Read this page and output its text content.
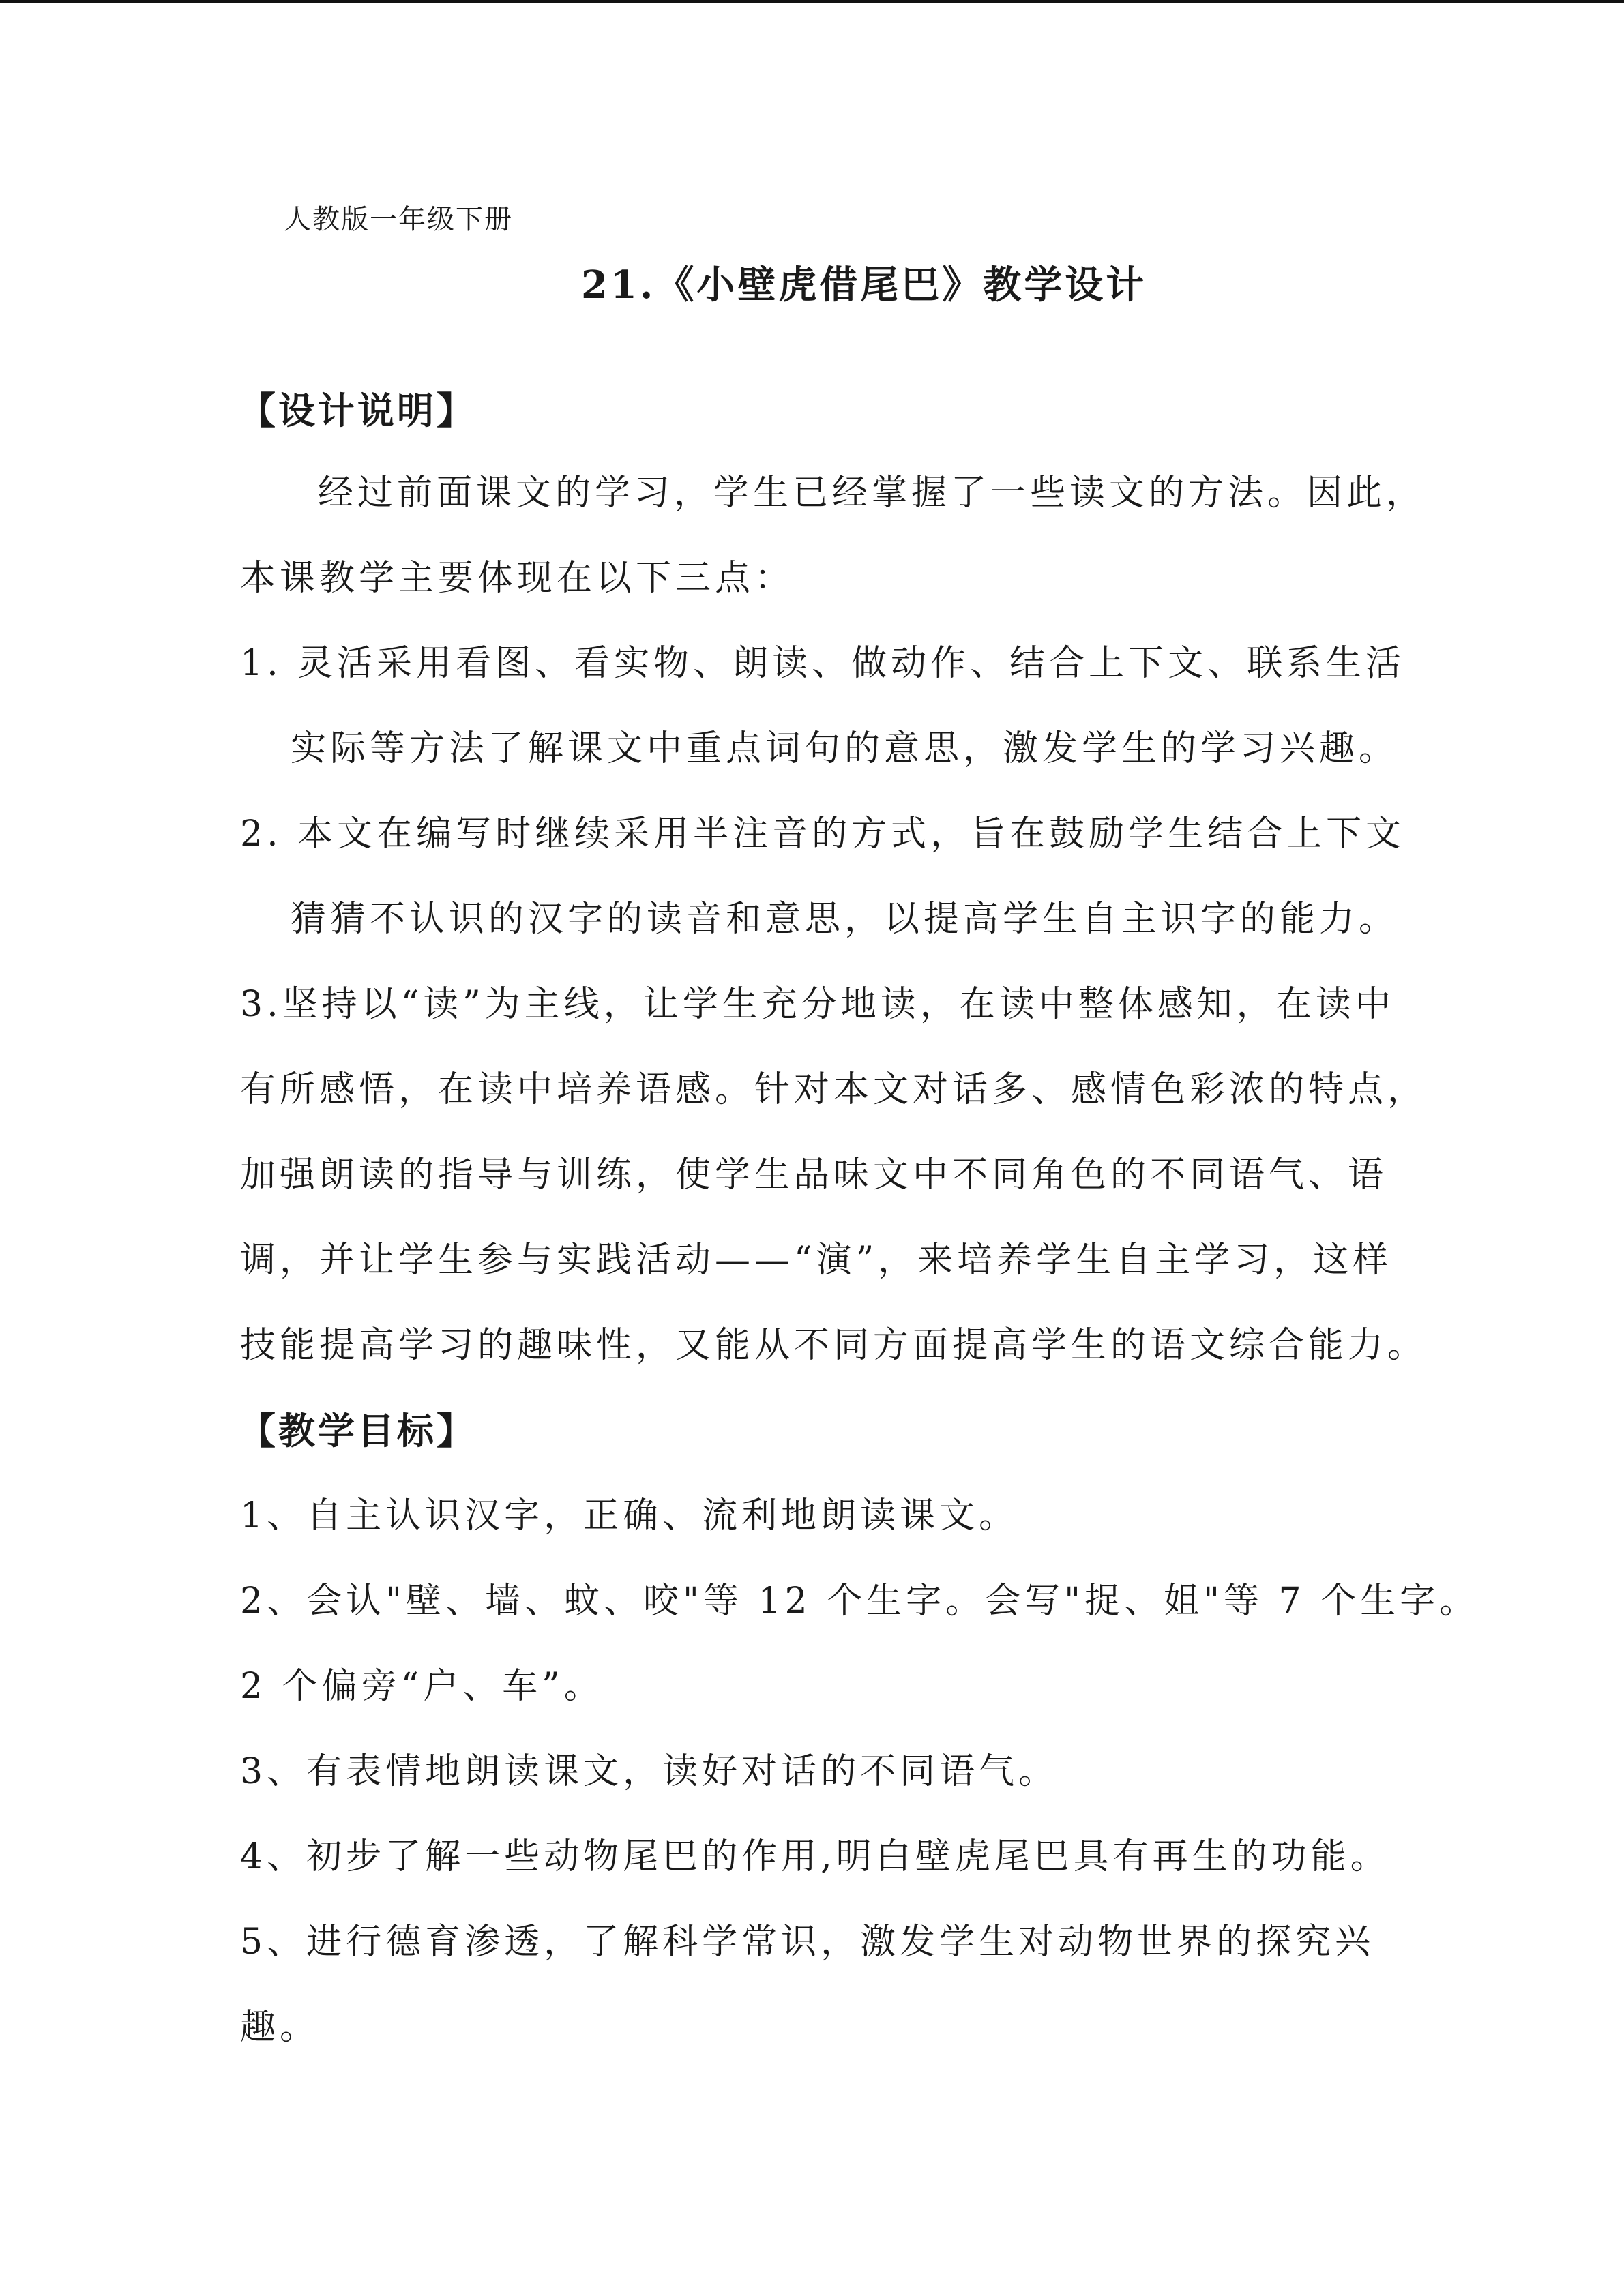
人教版一年级下册
21.《小壁虎借尾巴》教学设计
【设计说明】
经过前面课文的学习，学生已经掌握了一些读文的方法。因此，
本课教学主要体现在以下三点：
1. 灵活采用看图、看实物、朗读、做动作、结合上下文、联系生活
实际等方法了解课文中重点词句的意思，激发学生的学习兴趣。
2. 本文在编写时继续采用半注音的方式，旨在鼓励学生结合上下文
猜猜不认识的汉字的读音和意思，以提高学生自主识字的能力。
3.坚持以“读”为主线，让学生充分地读，在读中整体感知，在读中
有所感悟，在读中培养语感。针对本文对话多、感情色彩浓的特点，
加强朗读的指导与训练，使学生品味文中不同角色的不同语气、语
调，并让学生参与实践活动——“演”，来培养学生自主学习，这样
技能提高学习的趣味性，又能从不同方面提高学生的语文综合能力。
【教学目标】
1、自主认识汉字，正确、流利地朗读课文。
2、会认"壁、墙、蚊、咬"等 12 个生字。会写"捉、姐"等 7 个生字。
2 个偏旁“户、车”。
3、有表情地朗读课文，读好对话的不同语气。
4、初步了解一些动物尾巴的作用,明白壁虎尾巴具有再生的功能。
5、进行德育渗透，了解科学常识，激发学生对动物世界的探究兴
趣。
